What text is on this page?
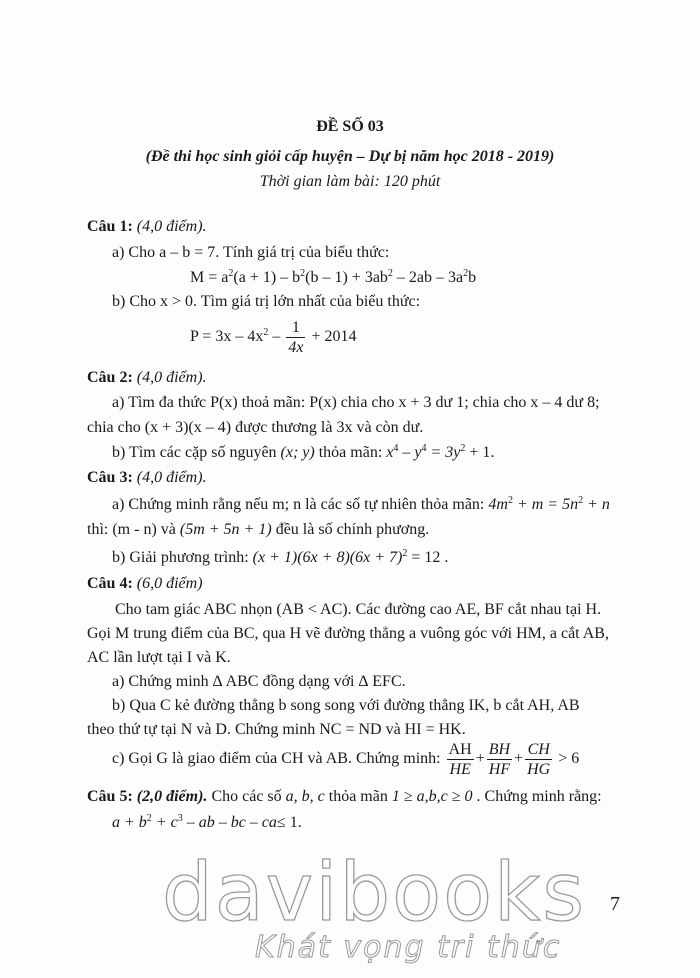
ĐỀ SỐ 03
(Đề thi học sinh giỏi cấp huyện – Dự bị năm học 2018 - 2019)
Thời gian làm bài: 120 phút
Câu 1: (4,0 điểm).
a) Cho a – b = 7. Tính giá trị của biểu thức:
$M = a^2(a + 1) - b^2(b - 1) + 3ab^2 - 2ab - 3a^2b$
b) Cho x > 0. Tìm giá trị lớn nhất của biểu thức:
$P = 3x - 4x^2 - \frac{1}{4x} + 2014$
Câu 2: (4,0 điểm).
a) Tìm đa thức P(x) thoả mãn: P(x) chia cho x + 3 dư 1; chia cho x – 4 dư 8;
chia cho (x + 3)(x – 4) được thương là 3x và còn dư.
b) Tìm các cặp số nguyên (x; y) thỏa mãn: $x^4 - y^4 = 3y^2 + 1$.
Câu 3: (4,0 điểm).
a) Chứng minh rằng nếu m; n là các số tự nhiên thỏa mãn: $4m^2 + m = 5n^2 + n$
thì: (m - n) và (5m + 5n + 1) đều là số chính phương.
b) Giải phương trình: $(x + 1)(6x + 8)(6x + 7)^2 = 12$ .
Câu 4: (6,0 điểm)
Cho tam giác ABC nhọn (AB < AC). Các đường cao AE, BF cắt nhau tại H.
Gọi M trung điểm của BC, qua H vẽ đường thẳng a vuông góc với HM, a cắt AB,
AC lần lượt tại I và K.
a) Chứng minh ∆ ABC đồng dạng với ∆ EFC.
b) Qua C kẻ đường thẳng b song song với đường thẳng IK, b cắt AH, AB
theo thứ tự tại N và D. Chứng minh NC = ND và HI = HK.
c) Gọi G là giao điểm của CH và AB. Chứng minh: $\frac{AH}{HE} + \frac{BH}{HF} + \frac{CH}{HG} > 6$
Câu 5: (2,0 điểm). Cho các số a, b, c thỏa mãn 1 ≥ a,b,c ≥ 0 . Chứng minh rằng:
$a + b^2 + c^3$ – ab – bc – ca≤ 1.
davibooks
Khát vọng tri thức
7
